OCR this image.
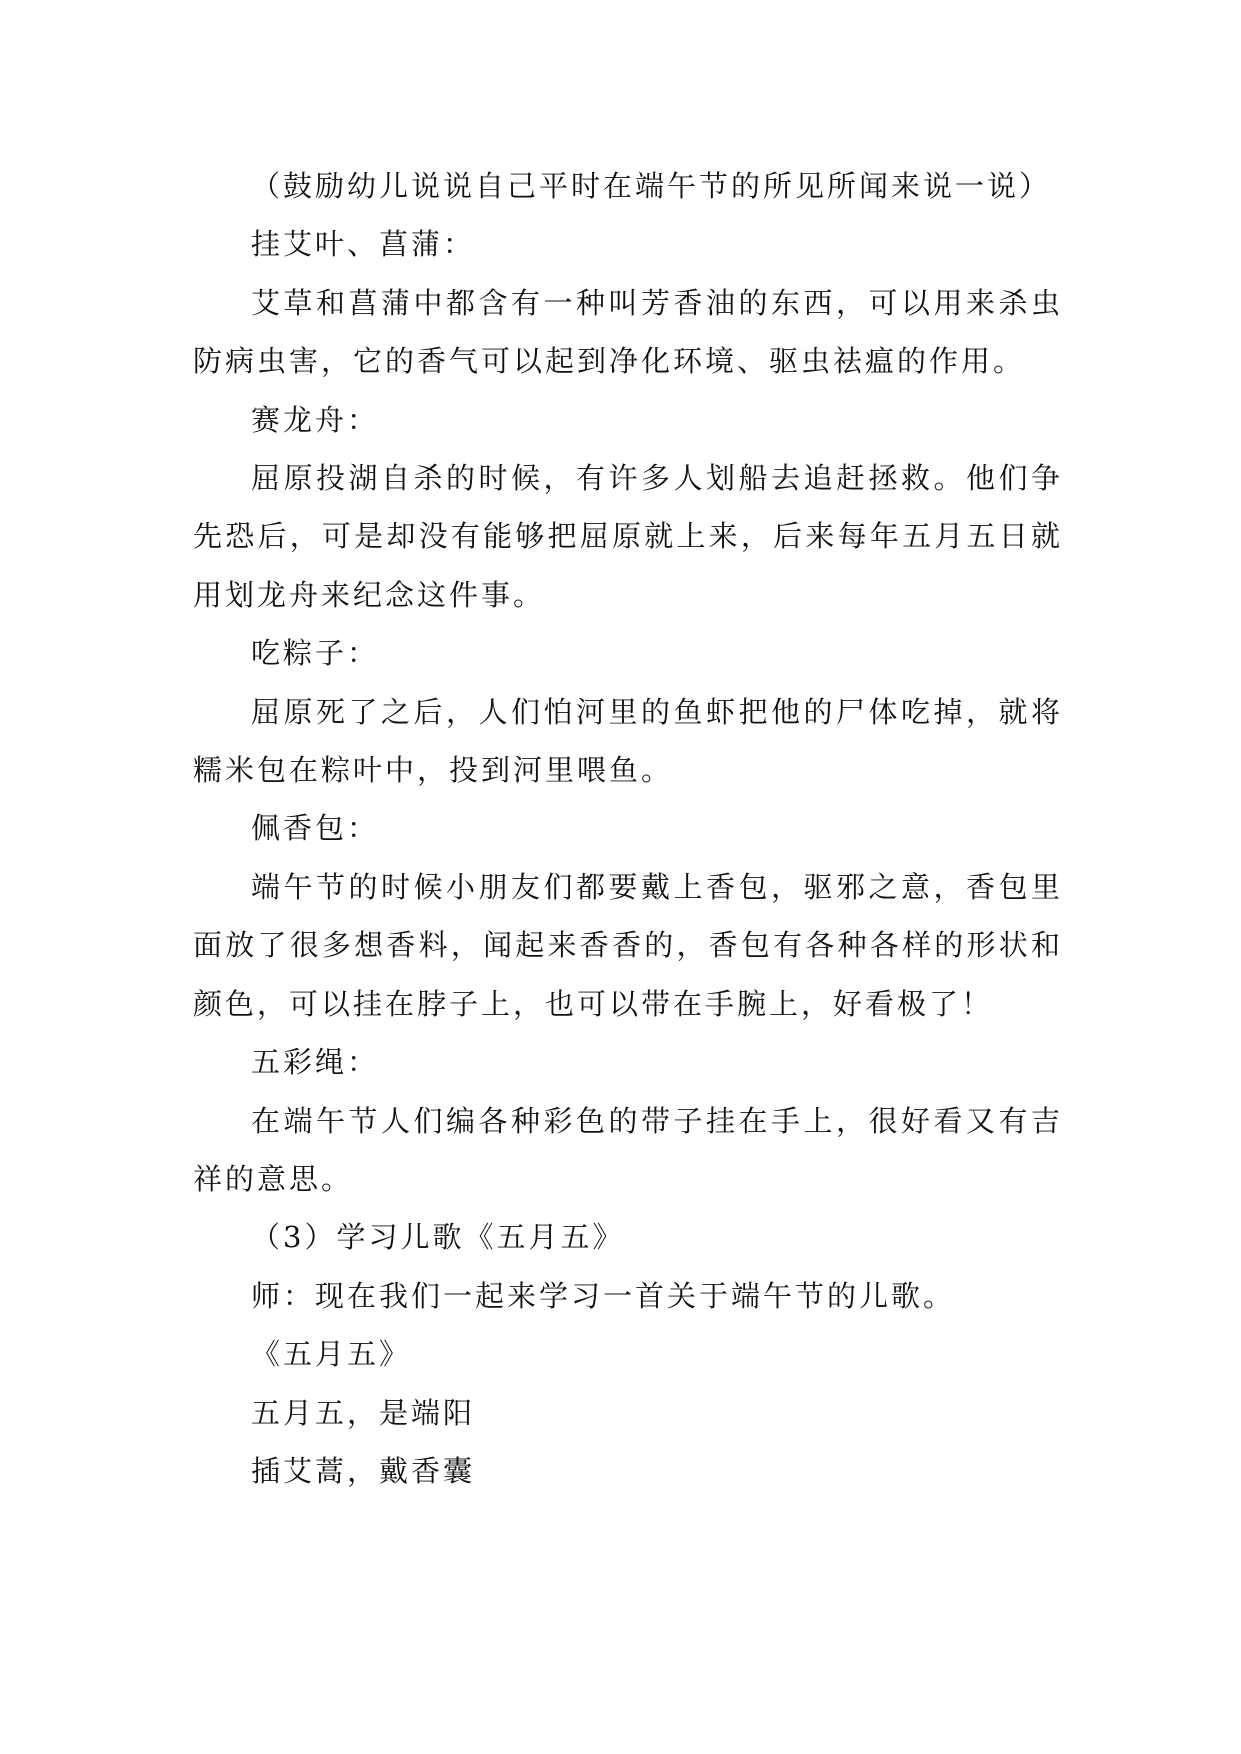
（鼓励幼儿说说自己平时在端午节的所见所闻来说一说）

挂艾叶、菖蒲：

艾草和菖蒲中都含有一种叫芳香油的东西，可以用来杀虫防病虫害，它的香气可以起到净化环境、驱虫祛瘟的作用。

赛龙舟：

屈原投湖自杀的时候，有许多人划船去追赶拯救。他们争先恐后，可是却没有能够把屈原就上来，后来每年五月五日就用划龙舟来纪念这件事。

吃粽子：

屈原死了之后，人们怕河里的鱼虾把他的尸体吃掉，就将糯米包在粽叶中，投到河里喂鱼。

佩香包：

端午节的时候小朋友们都要戴上香包，驱邪之意，香包里面放了很多想香料，闻起来香香的，香包有各种各样的形状和颜色，可以挂在脖子上，也可以带在手腕上，好看极了！

五彩绳：

在端午节人们编各种彩色的带子挂在手上，很好看又有吉祥的意思。

（3）学习儿歌《五月五》

师：现在我们一起来学习一首关于端午节的儿歌。

《五月五》

五月五，是端阳

插艾蒿，戴香囊
